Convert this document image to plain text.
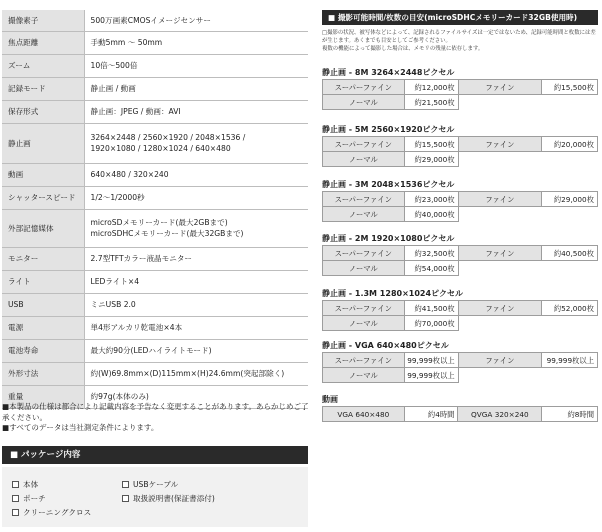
撮像素子	500万画素CMOSイメージセンサー
焦点距離	手動5mm ～ 50mm
ズーム	10倍～500倍
記録モード	静止画 / 動画
保存形式	静止画：JPEG / 動画：AVI
静止画	3264×2448 / 2560×1920 / 2048×1536 /
1920×1080 / 1280×1024 / 640×480
動画	640×480 / 320×240
シャッタースピード	1/2～1/2000秒
外部記憶媒体	microSDメモリーカード(最大2GBまで)
microSDHCメモリーカード(最大32GBまで)
モニター	2.7型TFTカラー液晶モニター
ライト	LEDライト×4
USB	ミニUSB 2.0
電源	単4形アルカリ乾電池×4本
電池寿命	最大約90分(LEDハイライトモード)
外形寸法	約(W)69.8mm×(D)115mm×(H)24.6mm(突起部除く)
重量	約97g(本体のみ)
■本製品の仕様は都合により記載内容を予告なく変更することがあります。あらかじめご了承ください。
■すべてのデータは当社測定条件によります。
■ パッケージ内容
本体
ポーチ
クリーニングクロス
USBケーブル
取扱説明書(保証書添付)
■ 撮影可能時間/枚数の目安(microSDHCメモリーカード32GB使用時)
□撮影の状況、被写体などによって、記録されるファイルサイズは一定ではないため、記録可能時間と枚数には差が生じます。あくまでも目安としてご参考ください。
複数の機能によって撮影した場合は、メモリの残量に依存します。
静止画 - 8M 3264×2448ピクセル
スーパーファイン	約12,000枚	ファイン	約15,500枚
ノーマル	約21,500枚		
静止画 - 5M 2560×1920ピクセル
スーパーファイン	約15,500枚	ファイン	約20,000枚
ノーマル	約29,000枚		
静止画 - 3M 2048×1536ピクセル
スーパーファイン	約23,000枚	ファイン	約29,000枚
ノーマル	約40,000枚		
静止画 - 2M 1920×1080ピクセル
スーパーファイン	約32,500枚	ファイン	約40,500枚
ノーマル	約54,000枚		
静止画 - 1.3M 1280×1024ピクセル
スーパーファイン	約41,500枚	ファイン	約52,000枚
ノーマル	約70,000枚		
静止画 - VGA 640×480ピクセル
スーパーファイン	99,999枚以上	ファイン	99,999枚以上
ノーマル	99,999枚以上		
動画
VGA 640×480	約4時間	QVGA 320×240	約8時間
